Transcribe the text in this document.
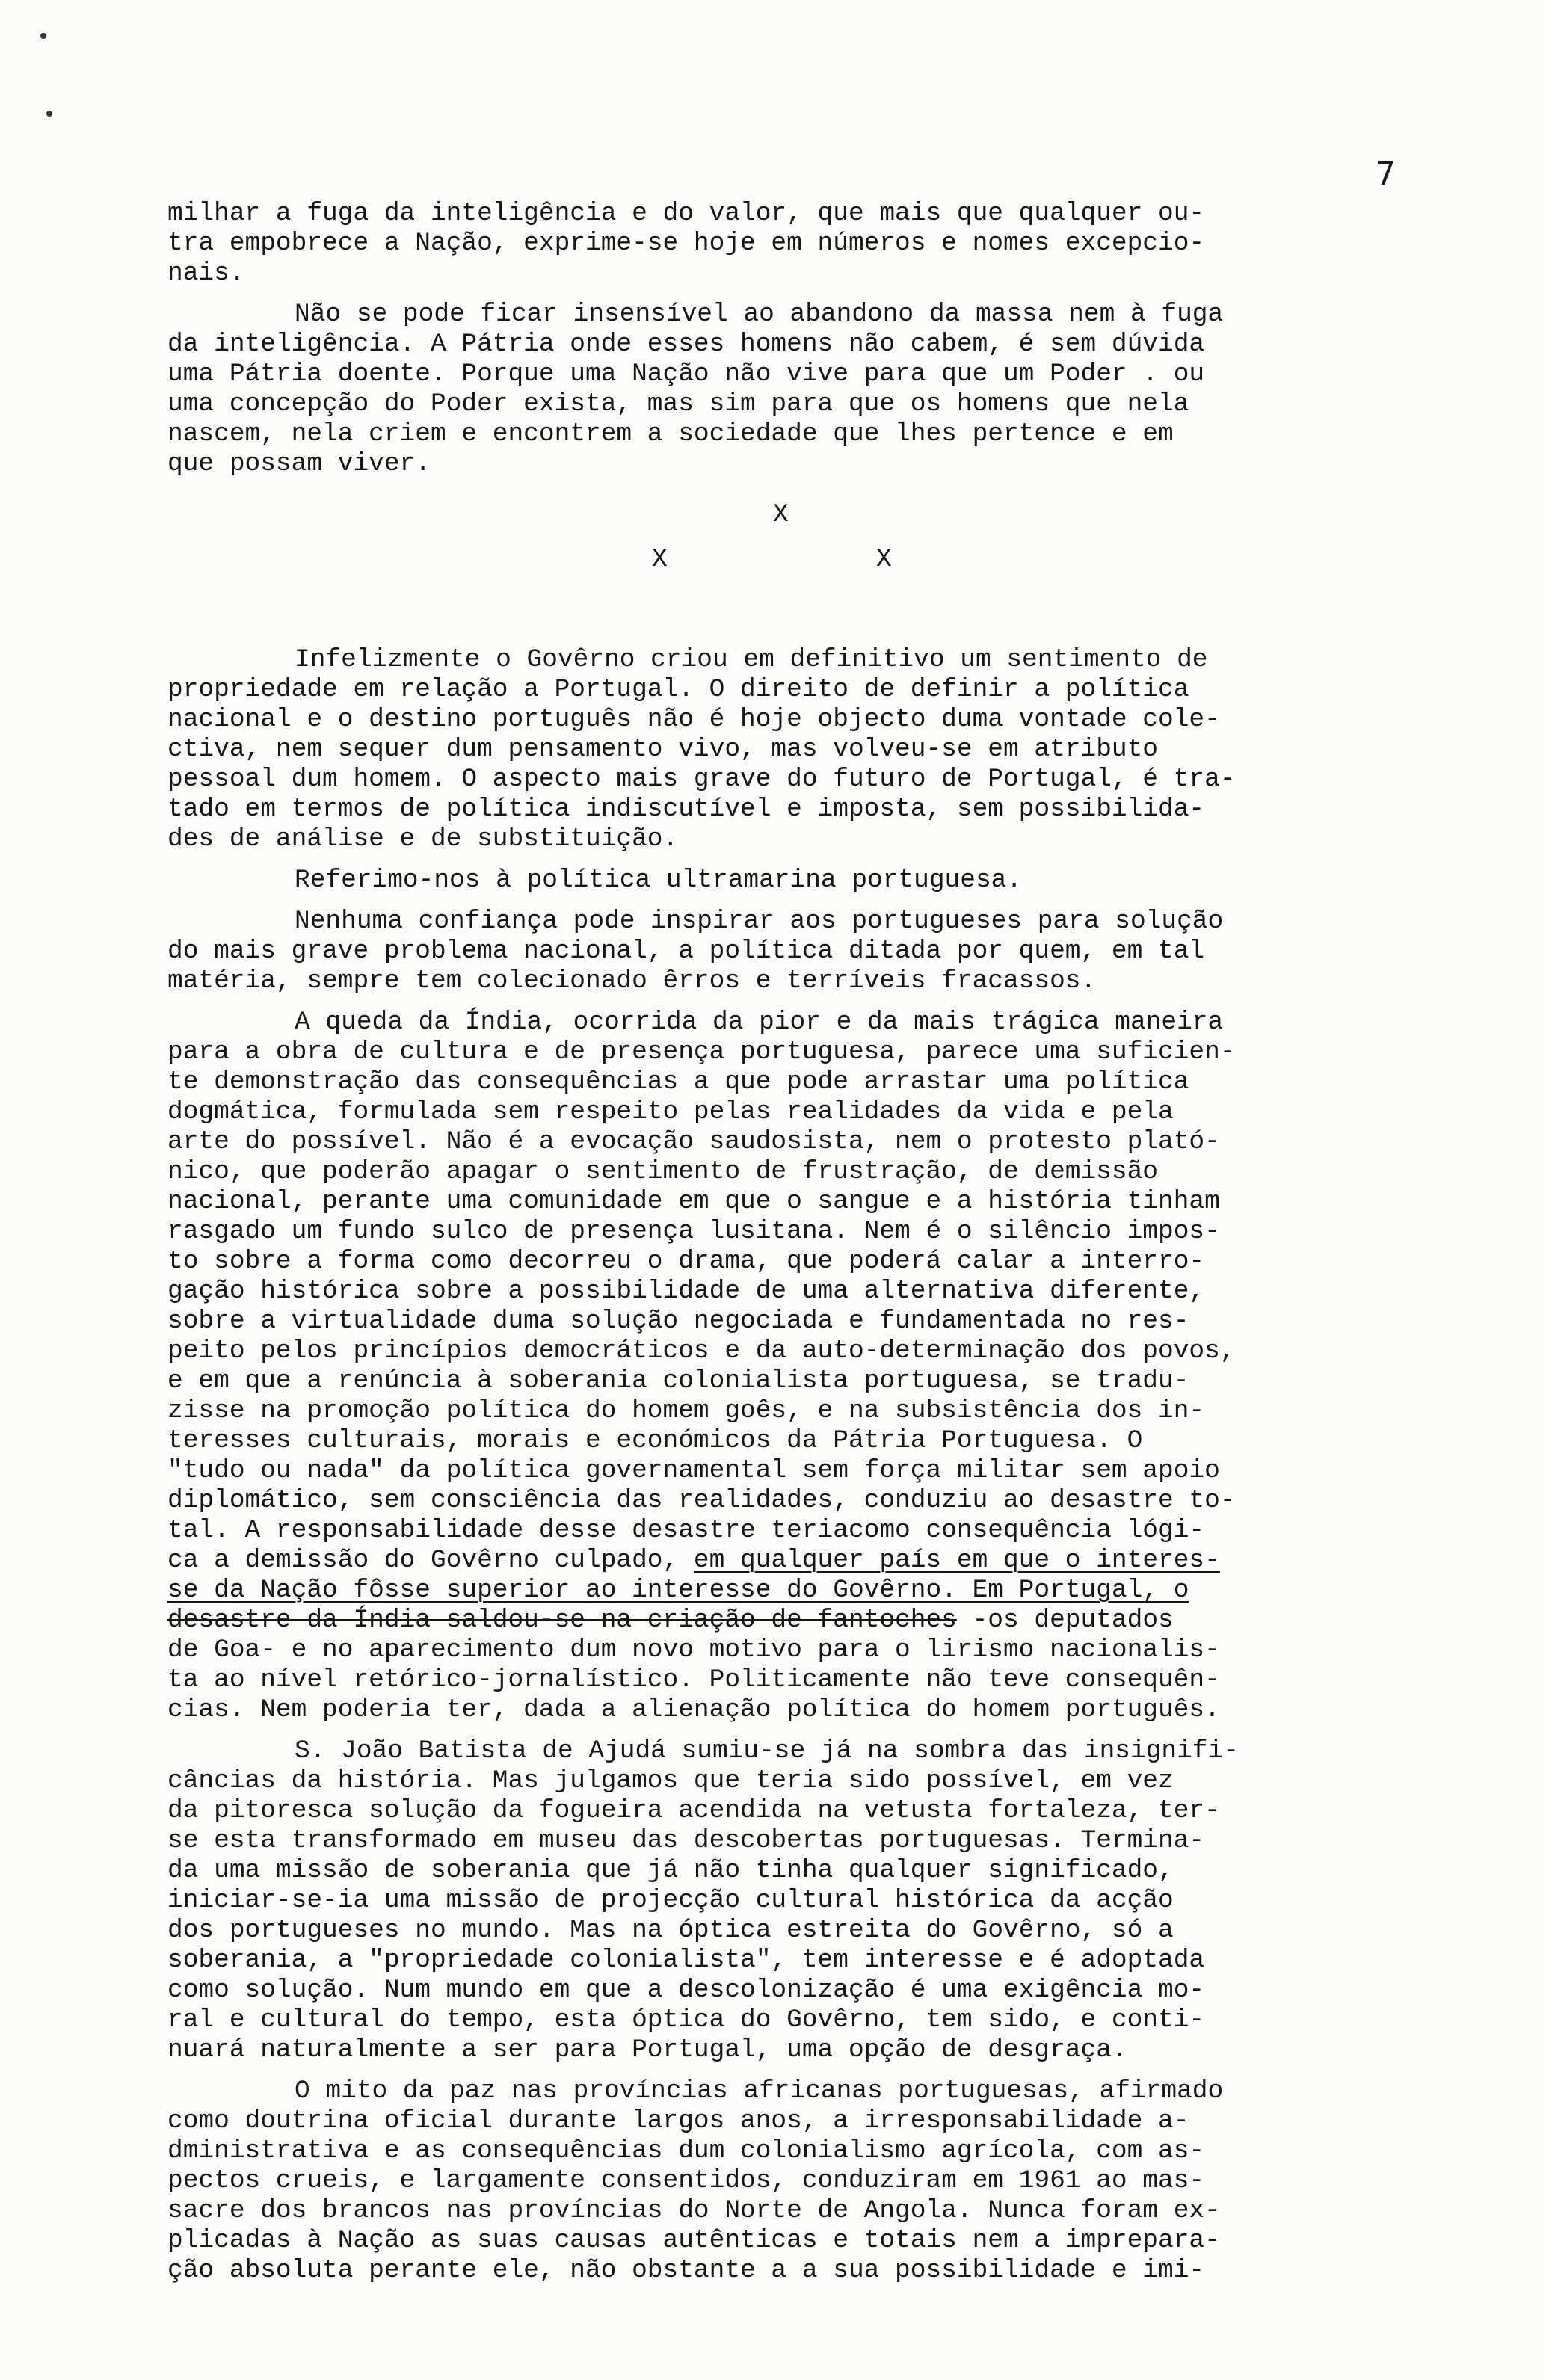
7
milhar a fuga da inteligência e do valor, que mais que qualquer ou-
tra empobrece a Nação, exprime-se hoje em números e nomes excepcio-
nais.
Não se pode ficar insensível ao abandono da massa nem à fuga
da inteligência. A Pátria onde esses homens não cabem, é sem dúvida
uma Pátria doente. Porque uma Nação não vive para que um Poder . ou
uma concepção do Poder exista, mas sim para que os homens que nela
nascem, nela criem e encontrem a sociedade que lhes pertence e em
que possam viver.
X
X	X
Infelizmente o Govêrno criou em definitivo um sentimento de
propriedade em relação a Portugal. O direito de definir a política
nacional e o destino português não é hoje objecto duma vontade cole-
ctiva, nem sequer dum pensamento vivo, mas volveu-se em atributo
pessoal dum homem. O aspecto mais grave do futuro de Portugal, é tra-
tado em termos de política indiscutível e imposta, sem possibilida-
des de análise e de substituição.
Referimo-nos à política ultramarina portuguesa.
Nenhuma confiança pode inspirar aos portugueses para solução
do mais grave problema nacional, a política ditada por quem, em tal
matéria, sempre tem colecionado êrros e terríveis fracassos.
A queda da Índia, ocorrida da pior e da mais trágica maneira
para a obra de cultura e de presença portuguesa, parece uma suficien-
te demonstração das consequências a que pode arrastar uma política
dogmática, formulada sem respeito pelas realidades da vida e pela
arte do possível. Não é a evocação saudosista, nem o protesto plató-
nico, que poderão apagar o sentimento de frustração, de demissão
nacional, perante uma comunidade em que o sangue e a história tinham
rasgado um fundo sulco de presença lusitana. Nem é o silêncio impos-
to sobre a forma como decorreu o drama, que poderá calar a interro-
gação histórica sobre a possibilidade de uma alternativa diferente,
sobre a virtualidade duma solução negociada e fundamentada no res-
peito pelos princípios democráticos e da auto-determinação dos povos,
e em que a renúncia à soberania colonialista portuguesa, se tradu-
zisse na promoção política do homem goês, e na subsistência dos in-
teresses culturais, morais e económicos da Pátria Portuguesa. O
"tudo ou nada" da política governamental sem força militar sem apoio
diplomático, sem consciência das realidades, conduziu ao desastre to-
tal. A responsabilidade desse desastre teriacomo consequência lógi-
ca a demissão do Govêrno culpado, em qualquer país em que o interes-
se da Nação fôsse superior ao interesse do Govêrno. Em Portugal, o
desastre da Índia saldou-se na criação de fantoches -os deputados
de Goa- e no aparecimento dum novo motivo para o lirismo nacionalis-
ta ao nível retórico-jornalístico. Politicamente não teve consequên-
cias. Nem poderia ter, dada a alienação política do homem português.
S. João Batista de Ajudá sumiu-se já na sombra das insignifi-
câncias da história. Mas julgamos que teria sido possível, em vez
da pitoresca solução da fogueira acendida na vetusta fortaleza, ter-
se esta transformado em museu das descobertas portuguesas. Termina-
da uma missão de soberania que já não tinha qualquer significado,
iniciar-se-ia uma missão de projecção cultural histórica da acção
dos portugueses no mundo. Mas na óptica estreita do Govêrno, só a
soberania, a "propriedade colonialista", tem interesse e é adoptada
como solução. Num mundo em que a descolonização é uma exigência mo-
ral e cultural do tempo, esta óptica do Govêrno, tem sido, e conti-
nuará naturalmente a ser para Portugal, uma opção de desgraça.
O mito da paz nas províncias africanas portuguesas, afirmado
como doutrina oficial durante largos anos, a irresponsabilidade a-
dministrativa e as consequências dum colonialismo agrícola, com as-
pectos crueis, e largamente consentidos, conduziram em 1961 ao mas-
sacre dos brancos nas províncias do Norte de Angola. Nunca foram ex-
plicadas à Nação as suas causas autênticas e totais nem a imprepara-
ção absoluta perante ele, não obstante a a sua possibilidade e imi-
